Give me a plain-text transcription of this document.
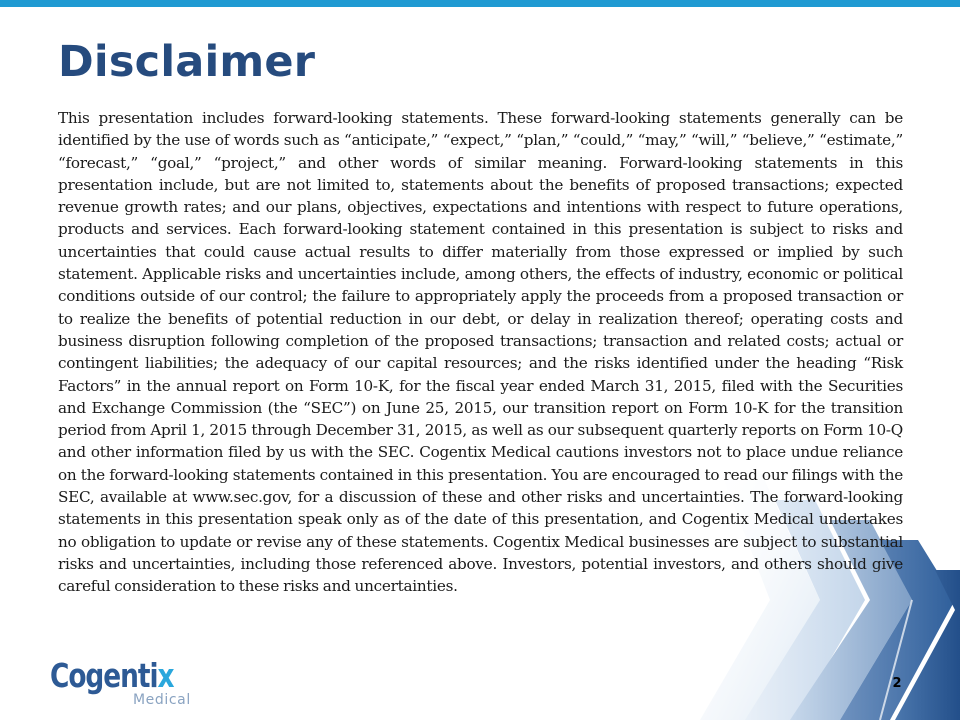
Disclaimer

This presentation includes forward-looking statements. These forward-looking statements generally can be identified by the use of words such as “anticipate,” “expect,” “plan,” “could,” “may,” “will,” “believe,” “estimate,” “forecast,” “goal,” “project,” and other words of similar meaning. Forward-looking statements in this presentation include, but are not limited to, statements about the benefits of proposed transactions; expected revenue growth rates; and our plans, objectives, expectations and intentions with respect to future operations, products and services. Each forward-looking statement contained in this presentation is subject to risks and uncertainties that could cause actual results to differ materially from those expressed or implied by such statement. Applicable risks and uncertainties include, among others, the effects of industry, economic or political conditions outside of our control; the failure to appropriately apply the proceeds from a proposed transaction or to realize the benefits of potential reduction in our debt, or delay in realization thereof; operating costs and business disruption following completion of the proposed transactions; transaction and related costs; actual or contingent liabilities; the adequacy of our capital resources; and the risks identified under the heading “Risk Factors” in the annual report on Form 10-K, for the fiscal year ended March 31, 2015, filed with the Securities and Exchange Commission (the “SEC”) on June 25, 2015, our transition report on Form 10-K for the transition period from April 1, 2015 through December 31, 2015, as well as our subsequent quarterly reports on Form 10-Q and other information filed by us with the SEC. Cogentix Medical cautions investors not to place undue reliance on the forward-looking statements contained in this presentation. You are encouraged to read our filings with the SEC, available at www.sec.gov, for a discussion of these and other risks and uncertainties. The forward-looking statements in this presentation speak only as of the date of this presentation, and Cogentix Medical undertakes no obligation to update or revise any of these statements. Cogentix Medical businesses are subject to substantial risks and uncertainties, including those referenced above. Investors, potential investors, and others should give careful consideration to these risks and uncertainties.

Cogentix
Medical
2
